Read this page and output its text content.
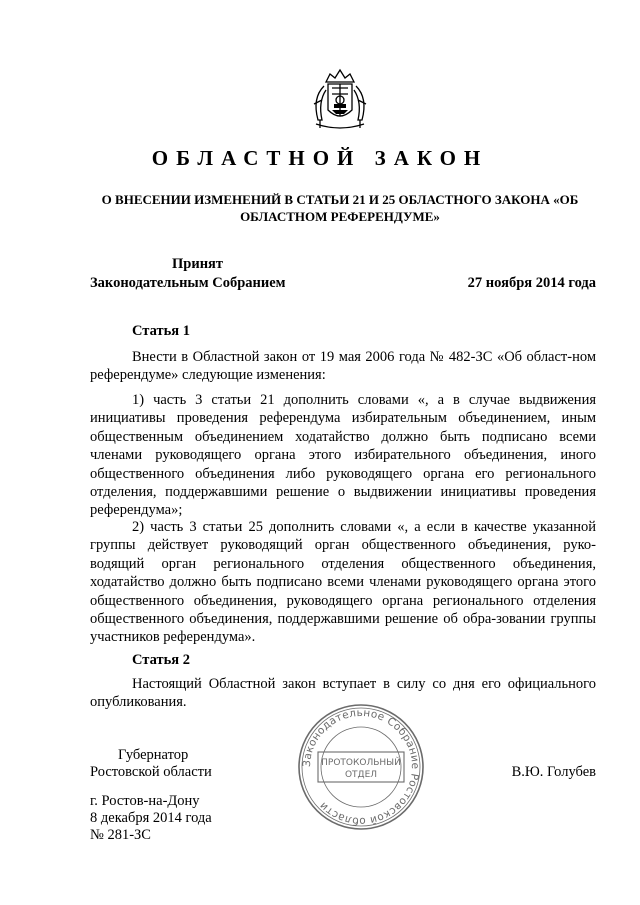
ОБЛАСТНОЙ ЗАКОН
О ВНЕСЕНИИ ИЗМЕНЕНИЙ В СТАТЬИ 21 И 25 ОБЛАСТНОГО ЗАКОНА «ОБ
ОБЛАСТНОМ РЕФЕРЕНДУМЕ»
Принят
Законодательным Собранием	27 ноября 2014 года
Статья 1
Внести в Областной закон от 19 мая 2006 года № 482-ЗС «Об област-ном референдуме» следующие изменения:
1) часть 3 статьи 21 дополнить словами «, а в случае выдвижения инициативы проведения референдума избирательным объединением, иным общественным объединением ходатайство должно быть подписано всеми членами руководящего органа этого избирательного объединения, иного общественного объединения либо руководящего органа его регионального отделения, поддержавшими решение о выдвижении инициативы проведения референдума»;
2) часть 3 статьи 25 дополнить словами «, а если в качестве указанной группы действует руководящий орган общественного объединения, руко-водящий орган регионального отделения общественного объединения, ходатайство должно быть подписано всеми членами руководящего органа этого общественного объединения, руководящего органа регионального отделения общественного объединения, поддержавшими решение об обра-зовании группы участников референдума».
Статья 2
Настоящий Областной закон вступает в силу со дня его официального опубликования.
Губернатор
Ростовской области	В.Ю. Голубев
г. Ростов-на-Дону
8 декабря 2014 года
№ 281-ЗС
Законодательное Собрание Ростовской области
ПРОТОКОЛЬНЫЙ
ОТДЕЛ
